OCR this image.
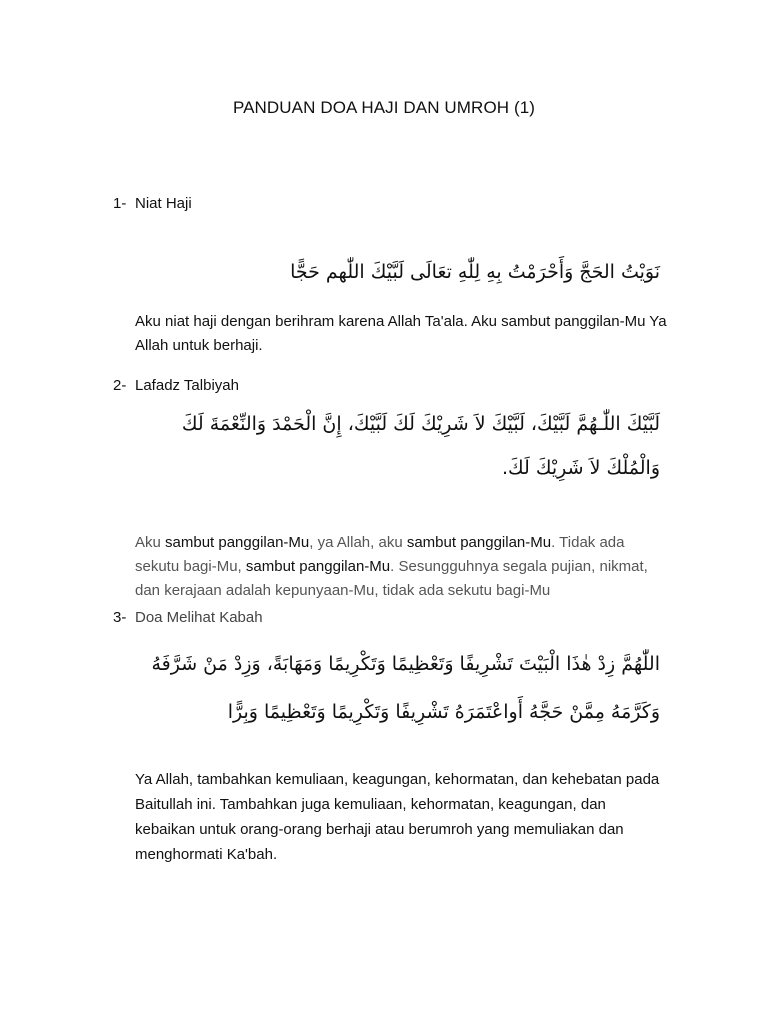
PANDUAN DOA HAJI DAN UMROH (1)
1- Niat Haji
نَوَيْتُ الحَجَّ وَأَحْرَمْتُ بِهِ لِلّٰهِ تعَالَى لَبَّيْكَ اللّٰهم حَجًّا
Aku niat haji dengan berihram karena Allah Ta'ala. Aku sambut panggilan-Mu Ya Allah untuk berhaji.
2- Lafadz Talbiyah
لَبَّيْكَ اللّٰـهُمَّ لَبَّيْكَ، لَبَّيْكَ لاَ شَرِيْكَ لَكَ لَبَّيْكَ، إِنَّ الْحَمْدَ وَالنِّعْمَةَ لَكَ وَالْمُلْكَ لاَ شَرِيْكَ لَكَ.
Aku sambut panggilan-Mu, ya Allah, aku sambut panggilan-Mu. Tidak ada sekutu bagi-Mu, sambut panggilan-Mu. Sesungguhnya segala pujian, nikmat, dan kerajaan adalah kepunyaan-Mu, tidak ada sekutu bagi-Mu
3- Doa Melihat Kabah
اللّٰهُمَّ زِدْ هٰذَا الْبَيْتَ تَشْرِيفًا وَتَعْظِيمًا وَتَكْرِيمًا وَمَهَابَةً، وَزِدْ مَنْ شَرَّفَهُ وَكَرَّمَهُ مِمَّنْ حَجَّهُ أَواعْتَمَرَهُ تَشْرِيفًا وَتَكْرِيمًا وَتَعْظِيمًا وَبِرًّا
Ya Allah, tambahkan kemuliaan, keagungan, kehormatan, dan kehebatan pada Baitullah ini. Tambahkan juga kemuliaan, kehormatan, keagungan, dan kebaikan untuk orang-orang berhaji atau berumroh yang memuliakan dan menghormati Ka'bah.
